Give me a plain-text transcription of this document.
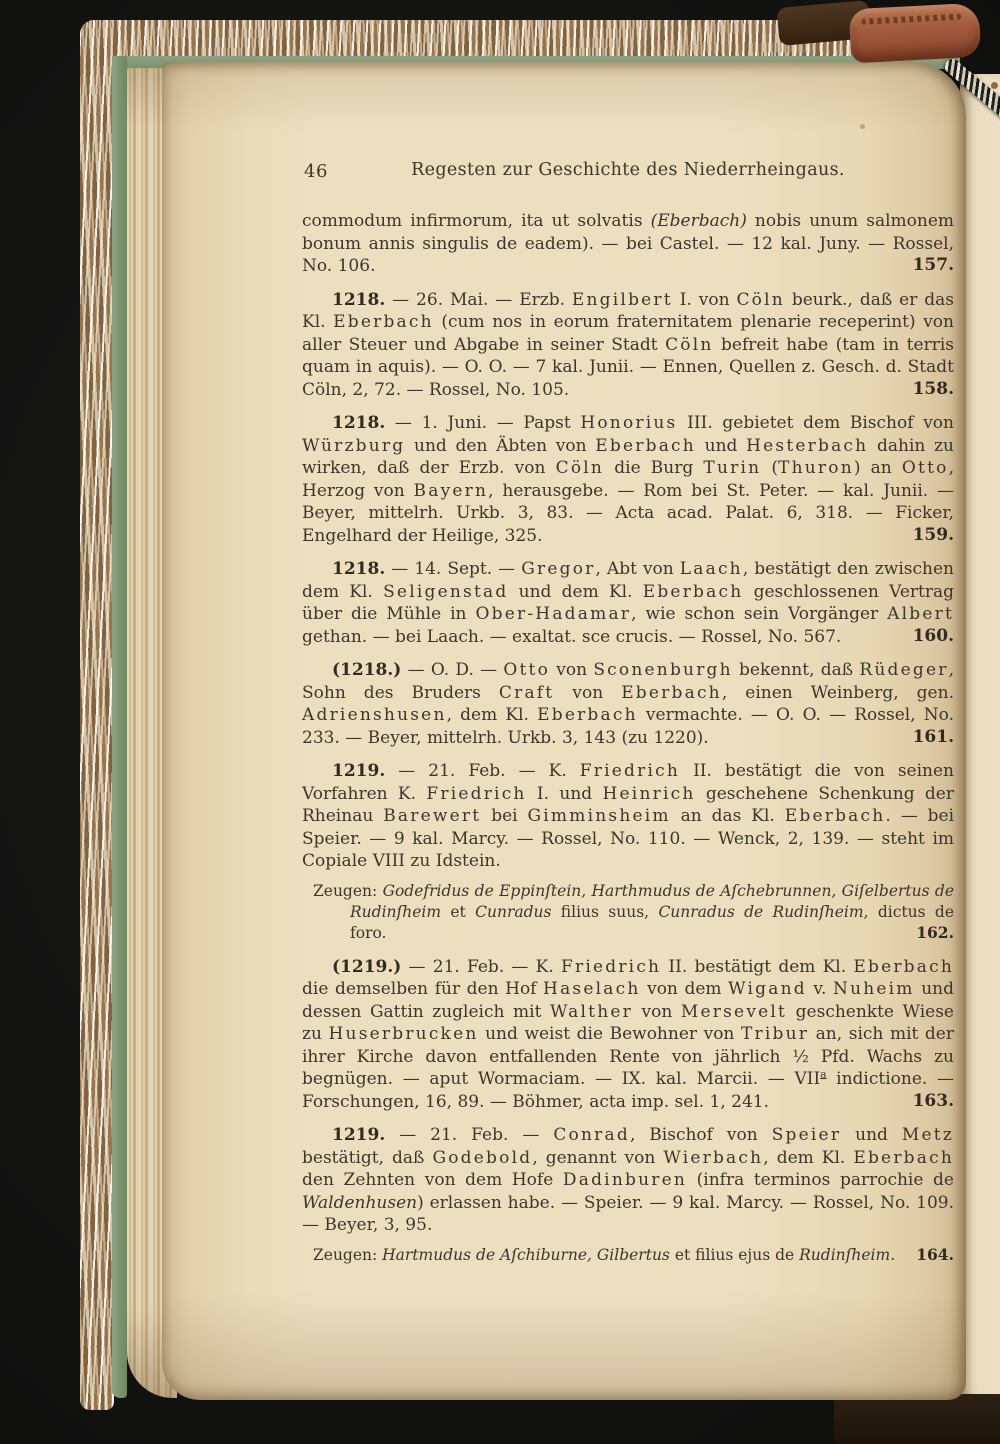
46	Regesten zur Geschichte des Niederrheingaus.

commodum infirmorum, ita ut solvatis (Eberbach) nobis unum salmonem bonum annis singulis de eadem). — bei Castel. — 12 kal. Juny. — Rossel, No. 106.	157.

1218. — 26. Mai. — Erzb. Engilbert I. von Cöln beurk., daß er das Kl. Eberbach (cum nos in eorum fraternitatem plenarie receperint) von aller Steuer und Abgabe in seiner Stadt Cöln befreit habe (tam in terris quam in aquis). — O. O. — 7 kal. Junii. — Ennen, Quellen z. Gesch. d. Stadt Cöln, 2, 72. — Rossel, No. 105.	158.

1218. — 1. Juni. — Papst Honorius III. gebietet dem Bischof von Würzburg und den Äbten von Eberbach und Hesterbach dahin zu wirken, daß der Erzb. von Cöln die Burg Turin (Thuron) an Otto, Herzog von Bayern, herausgebe. — Rom bei St. Peter. — kal. Junii. — Beyer, mittelrh. Urkb. 3, 83. — Acta acad. Palat. 6, 318. — Ficker, Engelhard der Heilige, 325.	159.

1218. — 14. Sept. — Gregor, Abt von Laach, bestätigt den zwischen dem Kl. Seligenstad und dem Kl. Eberbach geschlossenen Vertrag über die Mühle in Ober-Hadamar, wie schon sein Vorgänger Albert gethan. — bei Laach. — exaltat. sce crucis. — Rossel, No. 567.	160.

(1218.) — O. D. — Otto von Sconenburgh bekennt, daß Rüdeger, Sohn des Bruders Craft von Eberbach, einen Weinberg, gen. Adrienshusen, dem Kl. Eberbach vermachte. — O. O. — Rossel, No. 233. — Beyer, mittelrh. Urkb. 3, 143 (zu 1220).	161.

1219. — 21. Feb. — K. Friedrich II. bestätigt die von seinen Vorfahren K. Friedrich I. und Heinrich geschehene Schenkung der Rheinau Barewert bei Gimminsheim an das Kl. Eberbach. — bei Speier. — 9 kal. Marcy. — Rossel, No. 110. — Wenck, 2, 139. — steht im Copiale VIII zu Idstein.

Zeugen: Godefridus de Eppinſtein, Harthmudus de Aſchebrunnen, Giſelbertus de Rudinſheim et Cunradus filius suus, Cunradus de Rudinſheim, dictus de foro.	162.

(1219.) — 21. Feb. — K. Friedrich II. bestätigt dem Kl. Eberbach die demselben für den Hof Haselach von dem Wigand v. Nuheim und dessen Gattin zugleich mit Walther von Mersevelt geschenkte Wiese zu Huserbrucken und weist die Bewohner von Tribur an, sich mit der ihrer Kirche davon entfallenden Rente von jährlich ½ Pfd. Wachs zu begnügen. — aput Wormaciam. — IX. kal. Marcii. — VII$^a$ indictione. — Forschungen, 16, 89. — Böhmer, acta imp. sel. 1, 241.	163.

1219. — 21. Feb. — Conrad, Bischof von Speier und Metz bestätigt, daß Godebold, genannt von Wierbach, dem Kl. Eberbach den Zehnten von dem Hofe Dadinburen (infra terminos parrochie de Waldenhusen) erlassen habe. — Speier. — 9 kal. Marcy. — Rossel, No. 109. — Beyer, 3, 95.

Zeugen: Hartmudus de Aſchiburne, Gilbertus et filius ejus de Rudinſheim. 164.
